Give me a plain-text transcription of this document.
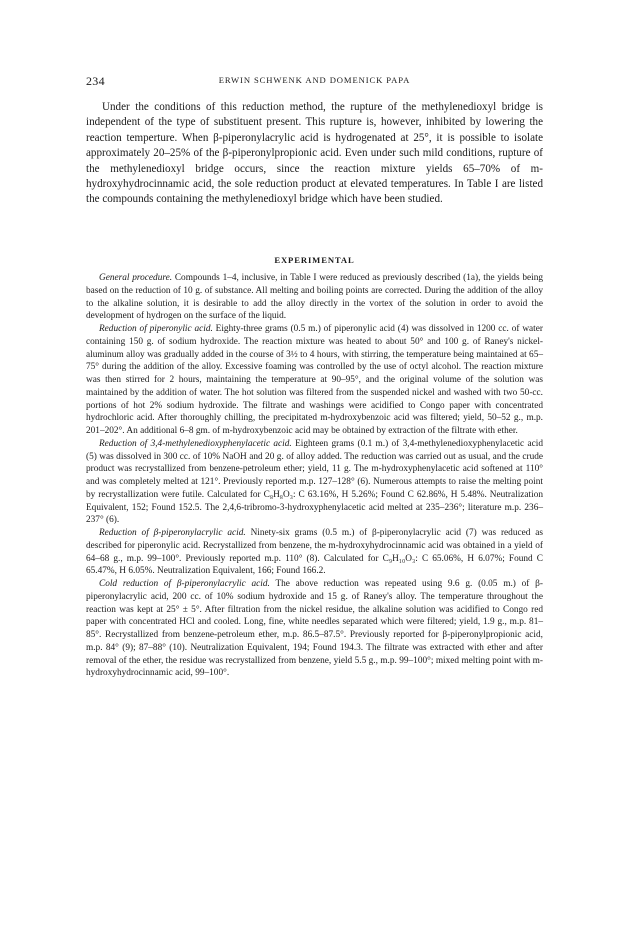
234	ERWIN SCHWENK AND DOMENICK PAPA

Under the conditions of this reduction method, the rupture of the methylenedioxyl bridge is independent of the type of substituent present. This rupture is, however, inhibited by lowering the reaction temperture. When β-piperonylacrylic acid is hydrogenated at 25°, it is possible to isolate approximately 20–25% of the β-piperonylpropionic acid. Even under such mild conditions, rupture of the methylenedioxyl bridge occurs, since the reaction mixture yields 65–70% of m-hydroxyhydrocinnamic acid, the sole reduction product at elevated temperatures. In Table I are listed the compounds containing the methylenedioxyl bridge which have been studied.

EXPERIMENTAL

General procedure. Compounds 1–4, inclusive, in Table I were reduced as previously described (1a), the yields being based on the reduction of 10 g. of substance. All melting and boiling points are corrected. During the addition of the alloy to the alkaline solution, it is desirable to add the alloy directly in the vortex of the solution in order to avoid the development of hydrogen on the surface of the liquid.

Reduction of piperonylic acid. Eighty-three grams (0.5 m.) of piperonylic acid (4) was dissolved in 1200 cc. of water containing 150 g. of sodium hydroxide. The reaction mixture was heated to about 50° and 100 g. of Raney's nickel-aluminum alloy was gradually added in the course of 3½ to 4 hours, with stirring, the temperature being maintained at 65–75° during the addition of the alloy. Excessive foaming was controlled by the use of octyl alcohol. The reaction mixture was then stirred for 2 hours, maintaining the temperature at 90–95°, and the original volume of the solution was maintained by the addition of water. The hot solution was filtered from the suspended nickel and washed with two 50-cc. portions of hot 2% sodium hydroxide. The filtrate and washings were acidified to Congo paper with concentrated hydrochloric acid. After thoroughly chilling, the precipitated m-hydroxybenzoic acid was filtered; yield, 50–52 g., m.p. 201–202°. An additional 6–8 gm. of m-hydroxybenzoic acid may be obtained by extraction of the filtrate with ether.

Reduction of 3,4-methylenedioxyphenylacetic acid. Eighteen grams (0.1 m.) of 3,4-methylenedioxyphenylacetic acid (5) was dissolved in 300 cc. of 10% NaOH and 20 g. of alloy added. The reduction was carried out as usual, and the crude product was recrystallized from benzene-petroleum ether; yield, 11 g. The m-hydroxyphenylacetic acid softened at 110° and was completely melted at 121°. Previously reported m.p. 127–128° (6). Numerous attempts to raise the melting point by recrystallization were futile. Calculated for C₈H₈O₃: C 63.16%, H 5.26%; Found C 62.86%, H 5.48%. Neutralization Equivalent, 152; Found 152.5. The 2,4,6-tribromo-3-hydroxyphenylacetic acid melted at 235–236°; literature m.p. 236–237° (6).

Reduction of β-piperonylacrylic acid. Ninety-six grams (0.5 m.) of β-piperonylacrylic acid (7) was reduced as described for piperonylic acid. Recrystallized from benzene, the m-hydroxyhydrocinnamic acid was obtained in a yield of 64–68 g., m.p. 99–100°. Previously reported m.p. 110° (8). Calculated for C₉H₁₀O₃: C 65.06%, H 6.07%; Found C 65.47%, H 6.05%. Neutralization Equivalent, 166; Found 166.2.

Cold reduction of β-piperonylacrylic acid. The above reduction was repeated using 9.6 g. (0.05 m.) of β-piperonylacrylic acid, 200 cc. of 10% sodium hydroxide and 15 g. of Raney's alloy. The temperature throughout the reaction was kept at 25° ± 5°. After filtration from the nickel residue, the alkaline solution was acidified to Congo red paper with concentrated HCl and cooled. Long, fine, white needles separated which were filtered; yield, 1.9 g., m.p. 81–85°. Recrystallized from benzene-petroleum ether, m.p. 86.5–87.5°. Previously reported for β-piperonylpropionic acid, m.p. 84° (9); 87–88° (10). Neutralization Equivalent, 194; Found 194.3. The filtrate was extracted with ether and after removal of the ether, the residue was recrystallized from benzene, yield 5.5 g., m.p. 99–100°; mixed melting point with m-hydroxyhydrocinnamic acid, 99–100°.
